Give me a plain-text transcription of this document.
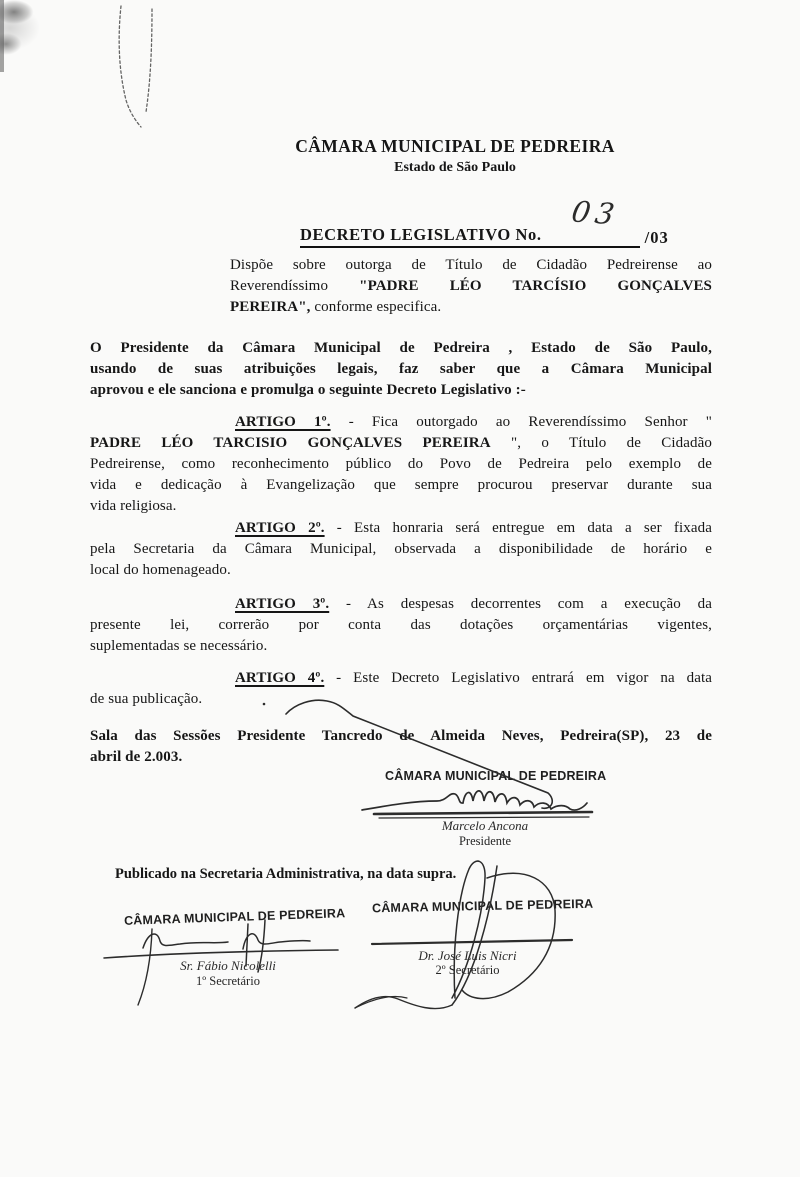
CÂMARA MUNICIPAL DE PEDREIRA
Estado de São Paulo
DECRETO LEGISLATIVO No.	/03
03
Dispõe sobre outorga de Título de Cidadão Pedreirense ao
Reverendíssimo "PADRE LÉO TARCÍSIO GONÇALVES
PEREIRA", conforme especifica.
O Presidente da Câmara Municipal de Pedreira , Estado de São Paulo,
usando de suas atribuições legais, faz saber que a Câmara Municipal
aprovou e ele sanciona e promulga o seguinte Decreto Legislativo :-
ARTIGO 1º. - Fica outorgado ao Reverendíssimo Senhor "
PADRE LÉO TARCISIO GONÇALVES PEREIRA ", o Título de Cidadão
Pedreirense, como reconhecimento público do Povo de Pedreira pelo exemplo de
vida e dedicação à Evangelização que sempre procurou preservar durante sua
vida religiosa.
ARTIGO 2º. - Esta honraria será entregue em data a ser fixada
pela Secretaria da Câmara Municipal, observada a disponibilidade de horário e
local do homenageado.
ARTIGO 3º. - As despesas decorrentes com a execução da
presente lei, correrão por conta das dotações orçamentárias vigentes,
suplementadas se necessário.
ARTIGO 4º. - Este Decreto Legislativo entrará em vigor na data
de sua publicação.
Sala das Sessões Presidente Tancredo de Almeida Neves, Pedreira(SP), 23 de
abril de 2.003.
CÂMARA MUNICIPAL DE PEDREIRA
Marcelo Ancona
Presidente
Publicado na Secretaria Administrativa, na data supra.
CÂMARA MUNICIPAL DE PEDREIRA
Sr. Fábio Nicolelli
1º Secretário
CÂMARA MUNICIPAL DE PEDREIRA
Dr. José Luis Nicri
2º Secretário
